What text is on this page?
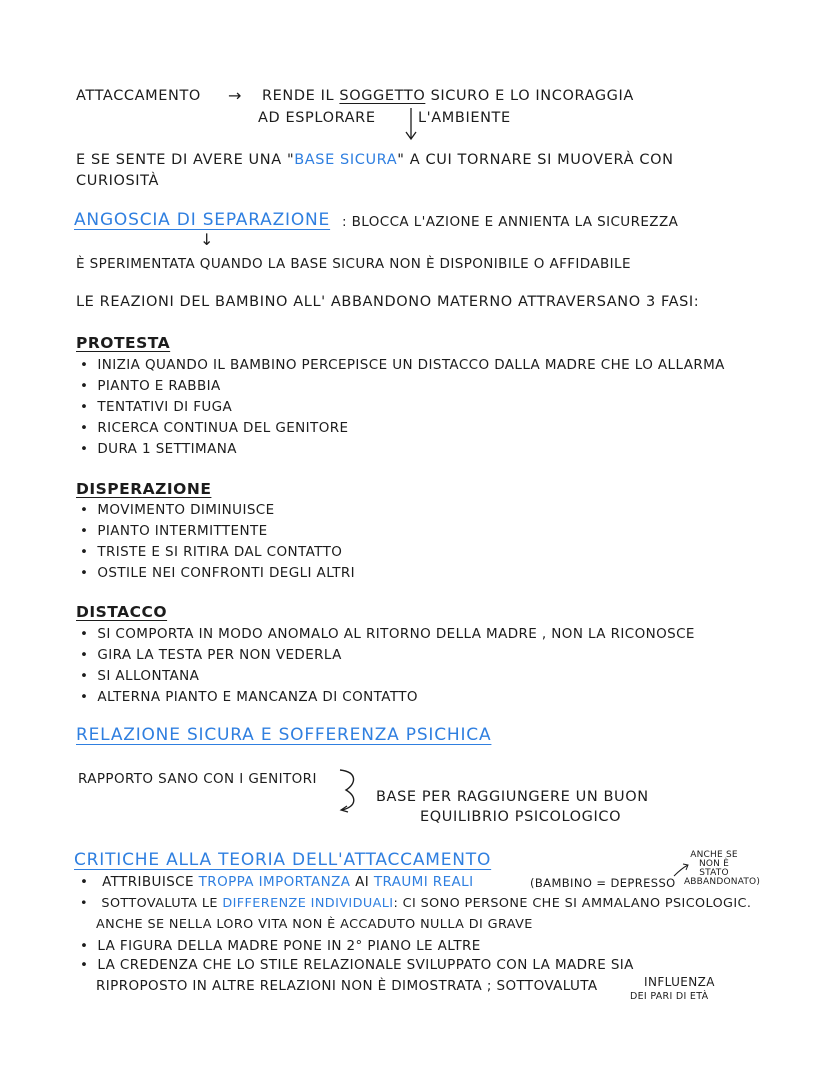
ATTACCAMENTO → RENDE IL SOGGETTO SICURO E LO INCORAGGIA
AD ESPLORARE	L'AMBIENTE
E SE SENTE DI AVERE UNA "BASE SICURA" A CUI TORNARE SI MUOVERÀ CON
CURIOSITÀ
ANGOSCIA DI SEPARAZIONE : BLOCCA L'AZIONE E ANNIENTA LA SICUREZZA
↓
È SPERIMENTATA QUANDO LA BASE SICURA NON È DISPONIBILE O AFFIDABILE
LE REAZIONI DEL BAMBINO ALL' ABBANDONO MATERNO ATTRAVERSANO 3 FASI:
PROTESTA
• INIZIA QUANDO IL BAMBINO PERCEPISCE UN DISTACCO DALLA MADRE CHE LO ALLARMA
• PIANTO E RABBIA
• TENTATIVI DI FUGA
• RICERCA CONTINUA DEL GENITORE
• DURA 1 SETTIMANA
DISPERAZIONE
• MOVIMENTO DIMINUISCE
• PIANTO INTERMITTENTE
• TRISTE E SI RITIRA DAL CONTATTO
• OSTILE NEI CONFRONTI DEGLI ALTRI
DISTACCO
• SI COMPORTA IN MODO ANOMALO AL RITORNO DELLA MADRE , NON LA RICONOSCE
• GIRA LA TESTA PER NON VEDERLA
• SI ALLONTANA
• ALTERNA PIANTO E MANCANZA DI CONTATTO
RELAZIONE SICURA E SOFFERENZA PSICHICA
RAPPORTO SANO CON I GENITORI
BASE PER RAGGIUNGERE UN BUON
EQUILIBRIO PSICOLOGICO
CRITICHE ALLA TEORIA DELL'ATTACCAMENTO	ANCHE SE
NON È
STATO
ABBANDONATO)
• ATTRIBUISCE TROPPA IMPORTANZA AI TRAUMI REALI	(BAMBINO = DEPRESSO
• SOTTOVALUTA LE DIFFERENZE INDIVIDUALI: CI SONO PERSONE CHE SI AMMALANO PSICOLOGIC.
ANCHE SE NELLA LORO VITA NON È ACCADUTO NULLA DI GRAVE
• LA FIGURA DELLA MADRE PONE IN 2° PIANO LE ALTRE
• LA CREDENZA CHE LO STILE RELAZIONALE SVILUPPATO CON LA MADRE SIA
RIPROPOSTO IN ALTRE RELAZIONI NON È DIMOSTRATA ; SOTTOVALUTA	INFLUENZA
DEI PARI DI ETÀ
